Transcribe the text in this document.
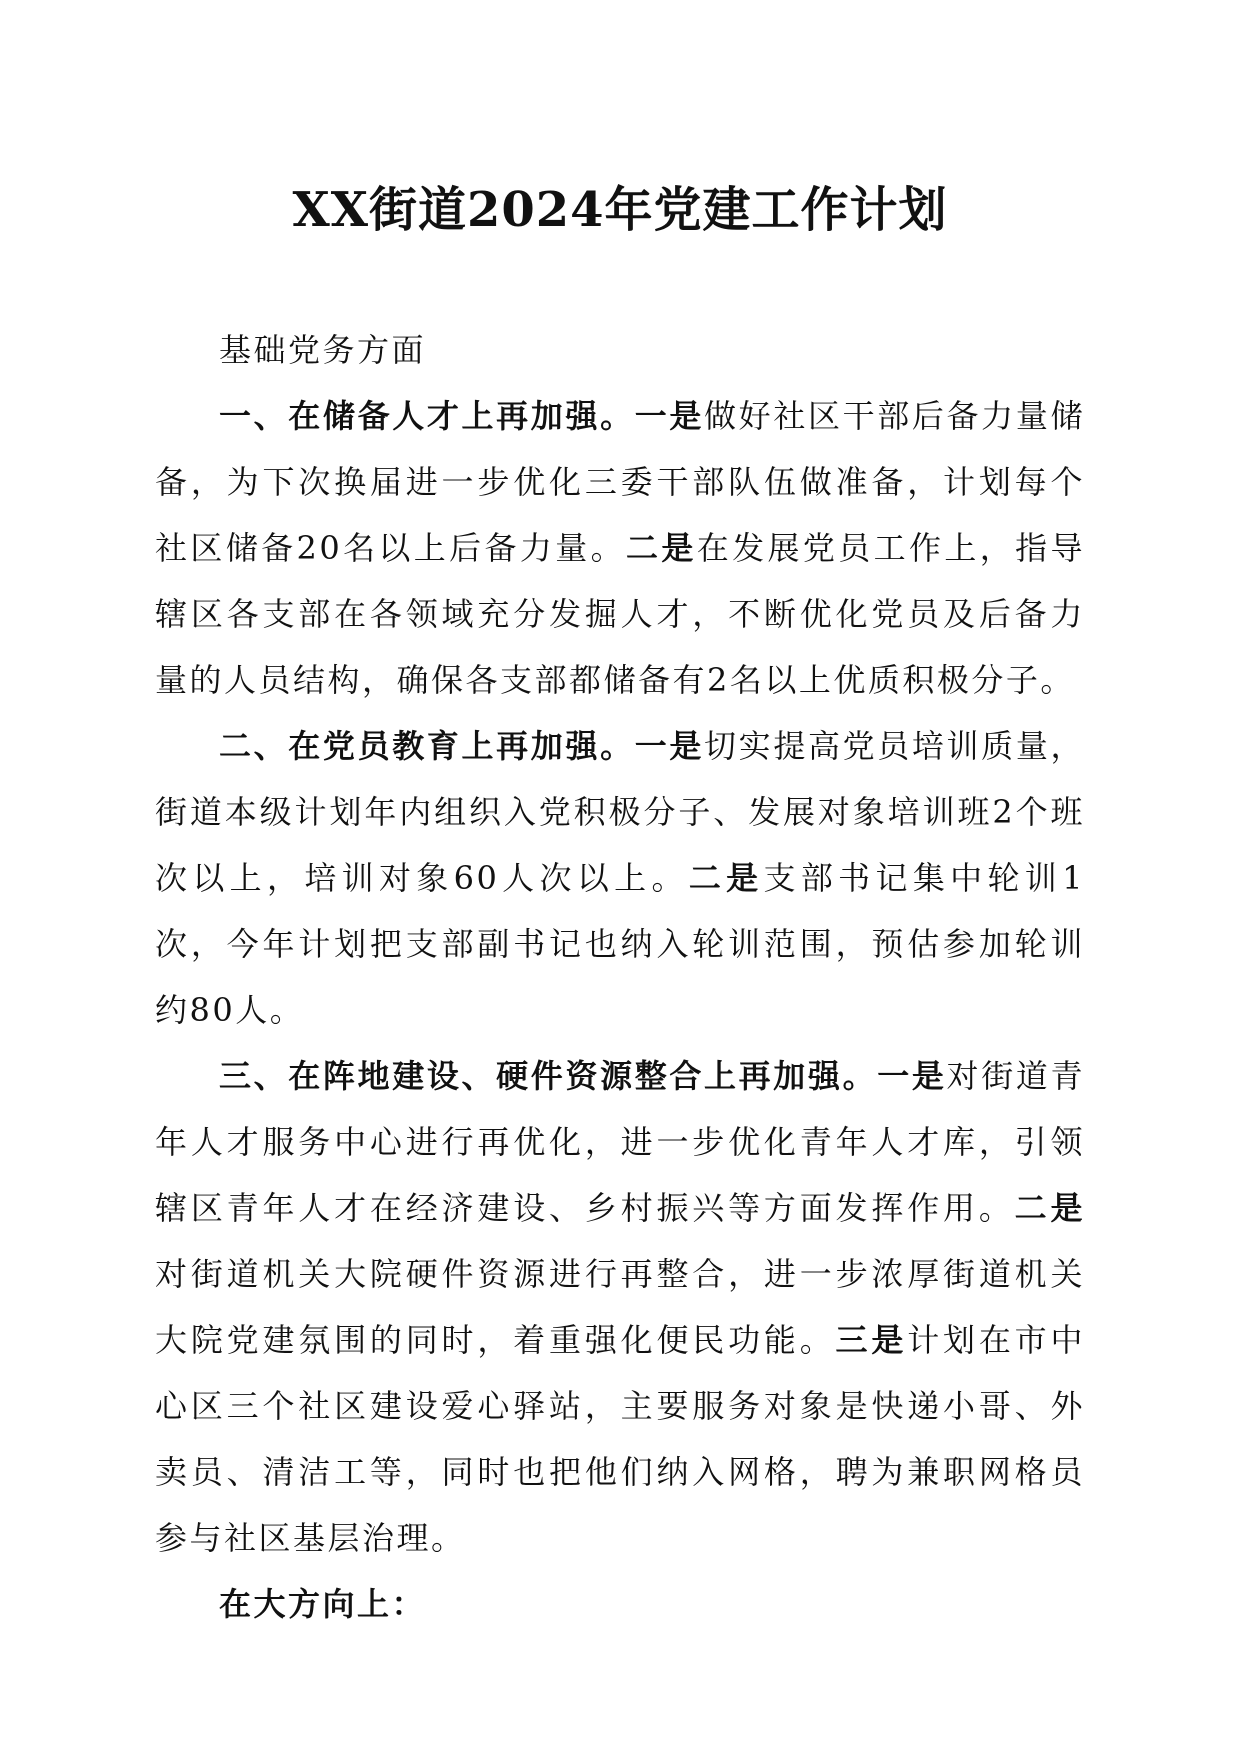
XX街道2024年党建工作计划

基础党务方面

一、在储备人才上再加强。一是做好社区干部后备力量储备，为下次换届进一步优化三委干部队伍做准备，计划每个社区储备20名以上后备力量。二是在发展党员工作上，指导辖区各支部在各领域充分发掘人才，不断优化党员及后备力量的人员结构，确保各支部都储备有2名以上优质积极分子。

二、在党员教育上再加强。一是切实提高党员培训质量，街道本级计划年内组织入党积极分子、发展对象培训班2个班次以上，培训对象60人次以上。二是支部书记集中轮训1次，今年计划把支部副书记也纳入轮训范围，预估参加轮训约80人。

三、在阵地建设、硬件资源整合上再加强。一是对街道青年人才服务中心进行再优化，进一步优化青年人才库，引领辖区青年人才在经济建设、乡村振兴等方面发挥作用。二是对街道机关大院硬件资源进行再整合，进一步浓厚街道机关大院党建氛围的同时，着重强化便民功能。三是计划在市中心区三个社区建设爱心驿站，主要服务对象是快递小哥、外卖员、清洁工等，同时也把他们纳入网格，聘为兼职网格员参与社区基层治理。

在大方向上：
